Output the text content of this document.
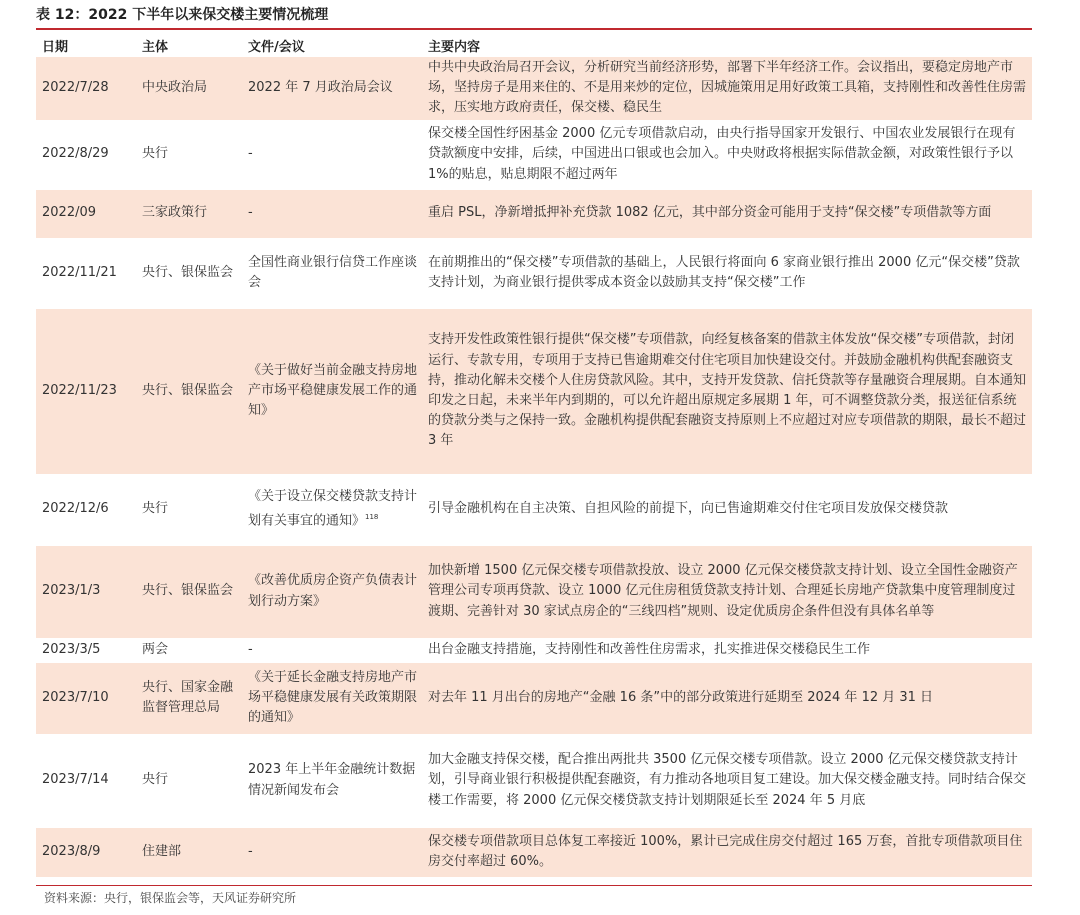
表 12：2022 下半年以来保交楼主要情况梳理
日期	主体	文件/会议	主要内容
2022/7/28	中央政治局	2022 年 7 月政治局会议	中共中央政治局召开会议，分析研究当前经济形势，部署下半年经济工作。会议指出，要稳定房地产市场，坚持房子是用来住的、不是用来炒的定位，因城施策用足用好政策工具箱，支持刚性和改善性住房需求，压实地方政府责任，保交楼、稳民生
2022/8/29	央行	-	保交楼全国性纾困基金 2000 亿元专项借款启动，由央行指导国家开发银行、中国农业发展银行在现有贷款额度中安排，后续，中国进出口银或也会加入。中央财政将根据实际借款金额，对政策性银行予以 1%的贴息，贴息期限不超过两年
2022/09	三家政策行	-	重启 PSL，净新增抵押补充贷款 1082 亿元，其中部分资金可能用于支持“保交楼”专项借款等方面
2022/11/21	央行、银保监会	全国性商业银行信贷工作座谈会	在前期推出的“保交楼”专项借款的基础上，人民银行将面向 6 家商业银行推出 2000 亿元“保交楼”贷款支持计划，为商业银行提供零成本资金以鼓励其支持“保交楼”工作
2022/11/23	央行、银保监会	《关于做好当前金融支持房地产市场平稳健康发展工作的通知》	支持开发性政策性银行提供“保交楼”专项借款，向经复核备案的借款主体发放“保交楼”专项借款，封闭运行、专款专用，专项用于支持已售逾期难交付住宅项目加快建设交付。并鼓励金融机构供配套融资支持，推动化解未交楼个人住房贷款风险。其中，支持开发贷款、信托贷款等存量融资合理展期。自本通知印发之日起，未来半年内到期的，可以允许超出原规定多展期 1 年，可不调整贷款分类，报送征信系统的贷款分类与之保持一致。金融机构提供配套融资支持原则上不应超过对应专项借款的期限，最长不超过 3 年
2022/12/6	央行	《关于设立保交楼贷款支持计划有关事宜的通知》$^{118}$	引导金融机构在自主决策、自担风险的前提下，向已售逾期难交付住宅项目发放保交楼贷款
2023/1/3	央行、银保监会	《改善优质房企资产负债表计划行动方案》	加快新增 1500 亿元保交楼专项借款投放、设立 2000 亿元保交楼贷款支持计划、设立全国性金融资产管理公司专项再贷款、设立 1000 亿元住房租赁贷款支持计划、合理延长房地产贷款集中度管理制度过渡期、完善针对 30 家试点房企的“三线四档”规则、设定优质房企条件但没有具体名单等
2023/3/5	两会	-	出台金融支持措施，支持刚性和改善性住房需求，扎实推进保交楼稳民生工作
2023/7/10	央行、国家金融监督管理总局	《关于延长金融支持房地产市场平稳健康发展有关政策期限的通知》	对去年 11 月出台的房地产“金融 16 条”中的部分政策进行延期至 2024 年 12 月 31 日
2023/7/14	央行	2023 年上半年金融统计数据情况新闻发布会	加大金融支持保交楼，配合推出两批共 3500 亿元保交楼专项借款。设立 2000 亿元保交楼贷款支持计划，引导商业银行积极提供配套融资，有力推动各地项目复工建设。加大保交楼金融支持。同时结合保交楼工作需要，将 2000 亿元保交楼贷款支持计划期限延长至 2024 年 5 月底
2023/8/9	住建部	-	保交楼专项借款项目总体复工率接近 100%，累计已完成住房交付超过 165 万套，首批专项借款项目住房交付率超过 60%。
资料来源：央行，银保监会等，天风证券研究所
